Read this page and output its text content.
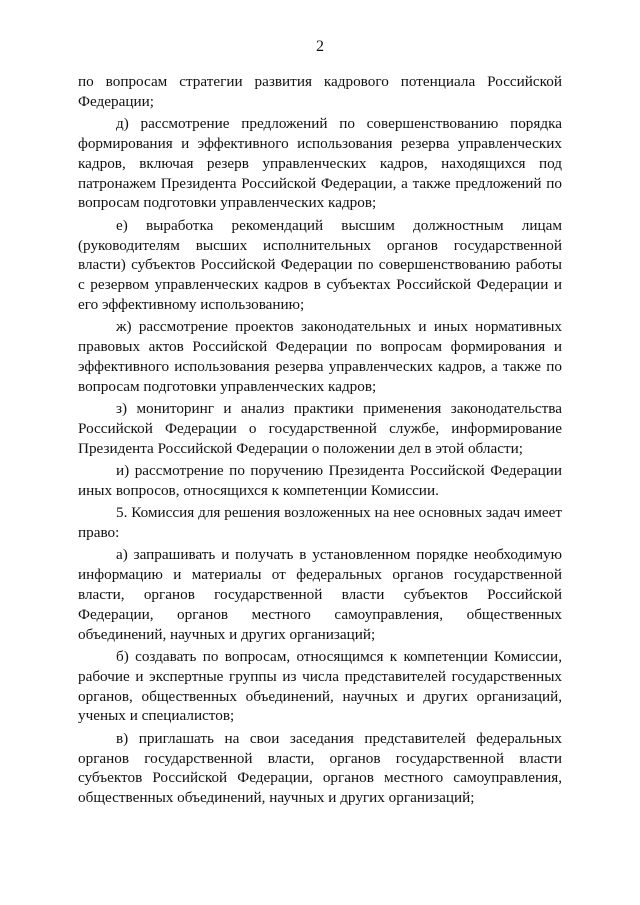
2

по вопросам стратегии развития кадрового потенциала Российской Федерации;

д) рассмотрение предложений по совершенствованию порядка формирования и эффективного использования резерва управленческих кадров, включая резерв управленческих кадров, находящихся под патронажем Президента Российской Федерации, а также предложений по вопросам подготовки управленческих кадров;

е) выработка рекомендаций высшим должностным лицам (руководителям высших исполнительных органов государственной власти) субъектов Российской Федерации по совершенствованию работы с резервом управленческих кадров в субъектах Российской Федерации и его эффективному использованию;

ж) рассмотрение проектов законодательных и иных нормативных правовых актов Российской Федерации по вопросам формирования и эффективного использования резерва управленческих кадров, а также по вопросам подготовки управленческих кадров;

з) мониторинг и анализ практики применения законодательства Российской Федерации о государственной службе, информирование Президента Российской Федерации о положении дел в этой области;

и) рассмотрение по поручению Президента Российской Федерации иных вопросов, относящихся к компетенции Комиссии.

5. Комиссия для решения возложенных на нее основных задач имеет право:

а) запрашивать и получать в установленном порядке необходимую информацию и материалы от федеральных органов государственной власти, органов государственной власти субъектов Российской Федерации, органов местного самоуправления, общественных объединений, научных и других организаций;

б) создавать по вопросам, относящимся к компетенции Комиссии, рабочие и экспертные группы из числа представителей государственных органов, общественных объединений, научных и других организаций, ученых и специалистов;

в) приглашать на свои заседания представителей федеральных органов государственной власти, органов государственной власти субъектов Российской Федерации, органов местного самоуправления, общественных объединений, научных и других организаций;
